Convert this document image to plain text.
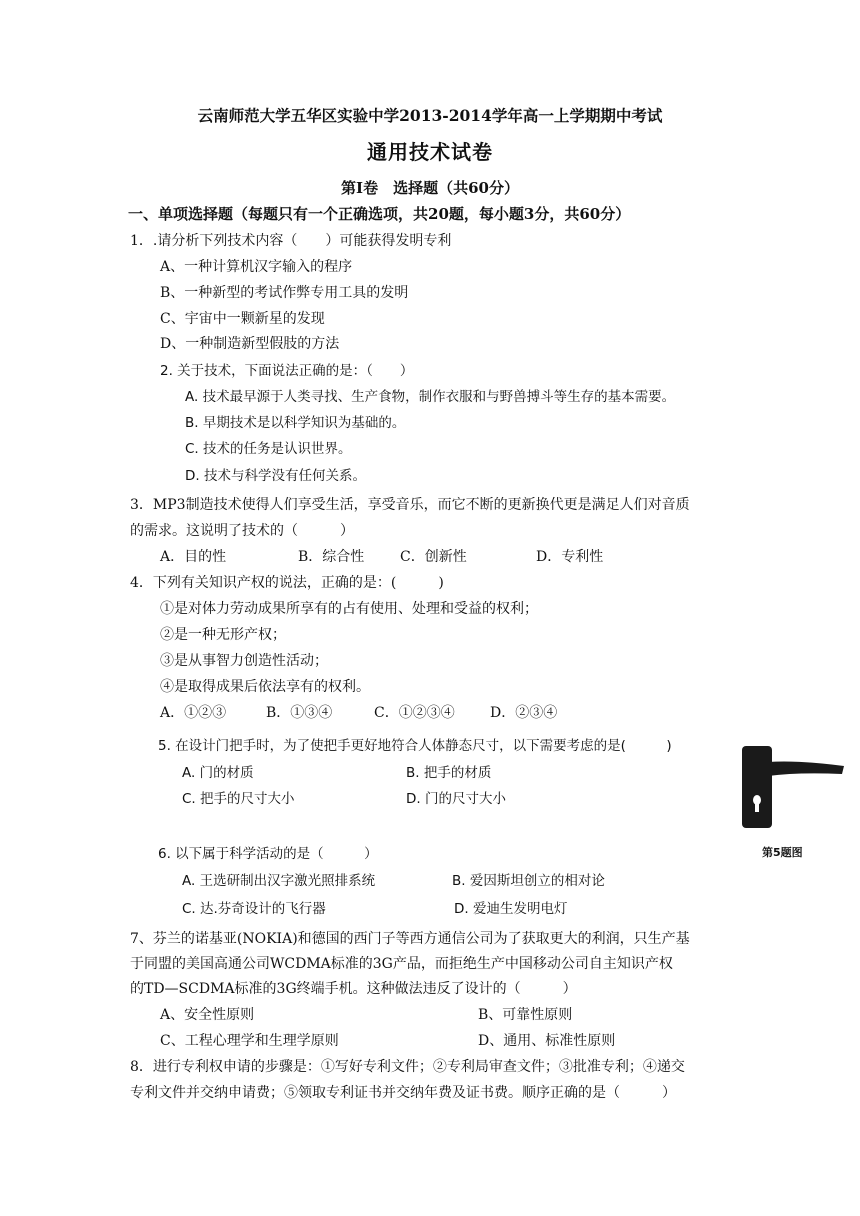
云南师范大学五华区实验中学2013-2014学年高一上学期期中考试
通用技术试卷
第Ⅰ卷　选择题（共60分）
一、单项选择题（每题只有一个正确选项，共20题，每小题3分，共60分）
1．.请分析下列技术内容（　　）可能获得发明专利
A、一种计算机汉字输入的程序
B、一种新型的考试作弊专用工具的发明
C、宇宙中一颗新星的发现
D、一种制造新型假肢的方法
2. 关于技术，下面说法正确的是：（　　）
A. 技术最早源于人类寻找、生产食物，制作衣服和与野兽搏斗等生存的基本需要。
B. 早期技术是以科学知识为基础的。
C. 技术的任务是认识世界。
D. 技术与科学没有任何关系。
3．MP3制造技术使得人们享受生活，享受音乐，而它不断的更新换代更是满足人们对音质
的需求。这说明了技术的（　　　）
A．目的性	B．综合性	C．创新性	D．专利性
4．下列有关知识产权的说法，正确的是：(　　　)
①是对体力劳动成果所享有的占有使用、处理和受益的权利；
②是一种无形产权；
③是从事智力创造性活动；
④是取得成果后依法享有的权利。
A．①②③	B．①③④	C．①②③④	D．②③④
5. 在设计门把手时，为了使把手更好地符合人体静态尺寸，以下需要考虑的是(　　　)
A. 门的材质	B. 把手的材质
C. 把手的尺寸大小	D. 门的尺寸大小
第5题图
6. 以下属于科学活动的是（　　　）
A. 王选研制出汉字激光照排系统	B. 爱因斯坦创立的相对论
C. 达.芬奇设计的飞行器	D. 爱迪生发明电灯
7、芬兰的诺基亚(NOKIA)和德国的西门子等西方通信公司为了获取更大的利润，只生产基
于同盟的美国高通公司WCDMA标准的3G产品，而拒绝生产中国移动公司自主知识产权
的TD—SCDMA标准的3G终端手机。这种做法违反了设计的（　　　）
A、安全性原则	B、可靠性原则
C、工程心理学和生理学原则	D、通用、标准性原则
8．进行专利权申请的步骤是：①写好专利文件；②专利局审查文件；③批准专利；④递交
专利文件并交纳申请费；⑤领取专利证书并交纳年费及证书费。顺序正确的是（　　　）
